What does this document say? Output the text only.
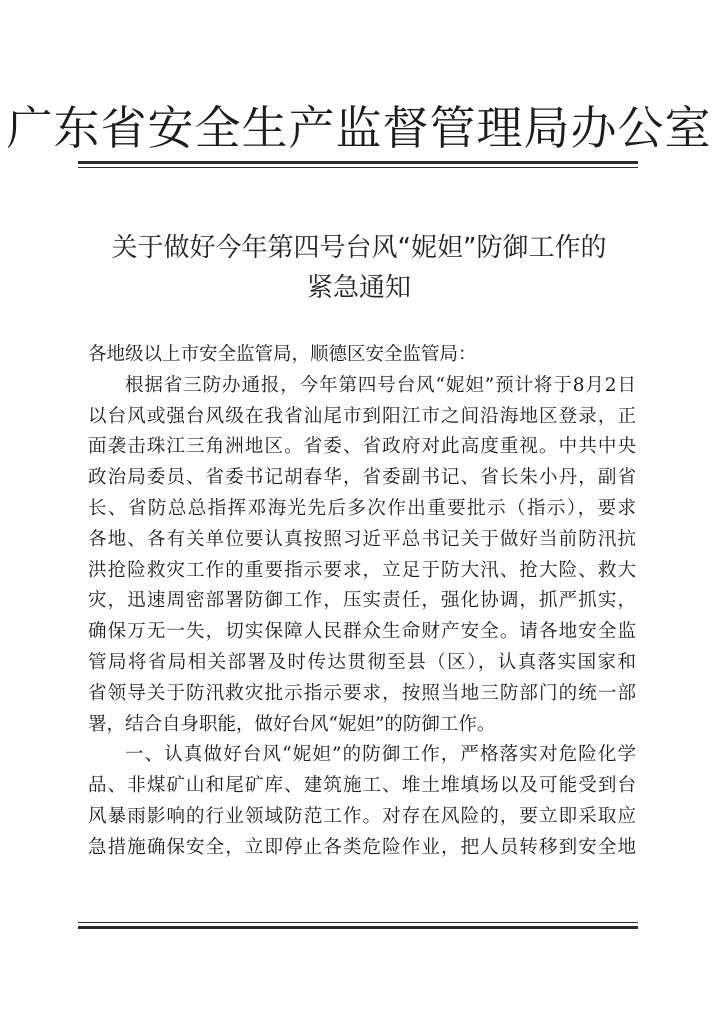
广东省安全生产监督管理局办公室
关于做好今年第四号台风“妮妲”防御工作的
紧急通知
各地级以上市安全监管局，顺德区安全监管局：
根据省三防办通报，今年第四号台风“妮妲”预计将于8月2日
以台风或强台风级在我省汕尾市到阳江市之间沿海地区登录，正
面袭击珠江三角洲地区。省委、省政府对此高度重视。中共中央
政治局委员、省委书记胡春华，省委副书记、省长朱小丹，副省
长、省防总总指挥邓海光先后多次作出重要批示（指示），要求
各地、各有关单位要认真按照习近平总书记关于做好当前防汛抗
洪抢险救灾工作的重要指示要求，立足于防大汛、抢大险、救大
灾，迅速周密部署防御工作，压实责任，强化协调，抓严抓实，
确保万无一失，切实保障人民群众生命财产安全。请各地安全监
管局将省局相关部署及时传达贯彻至县（区），认真落实国家和
省领导关于防汛救灾批示指示要求，按照当地三防部门的统一部
署，结合自身职能，做好台风“妮妲”的防御工作。
一、认真做好台风“妮妲”的防御工作，严格落实对危险化学
品、非煤矿山和尾矿库、建筑施工、堆土堆填场以及可能受到台
风暴雨影响的行业领域防范工作。对存在风险的，要立即采取应
急措施确保安全，立即停止各类危险作业，把人员转移到安全地
